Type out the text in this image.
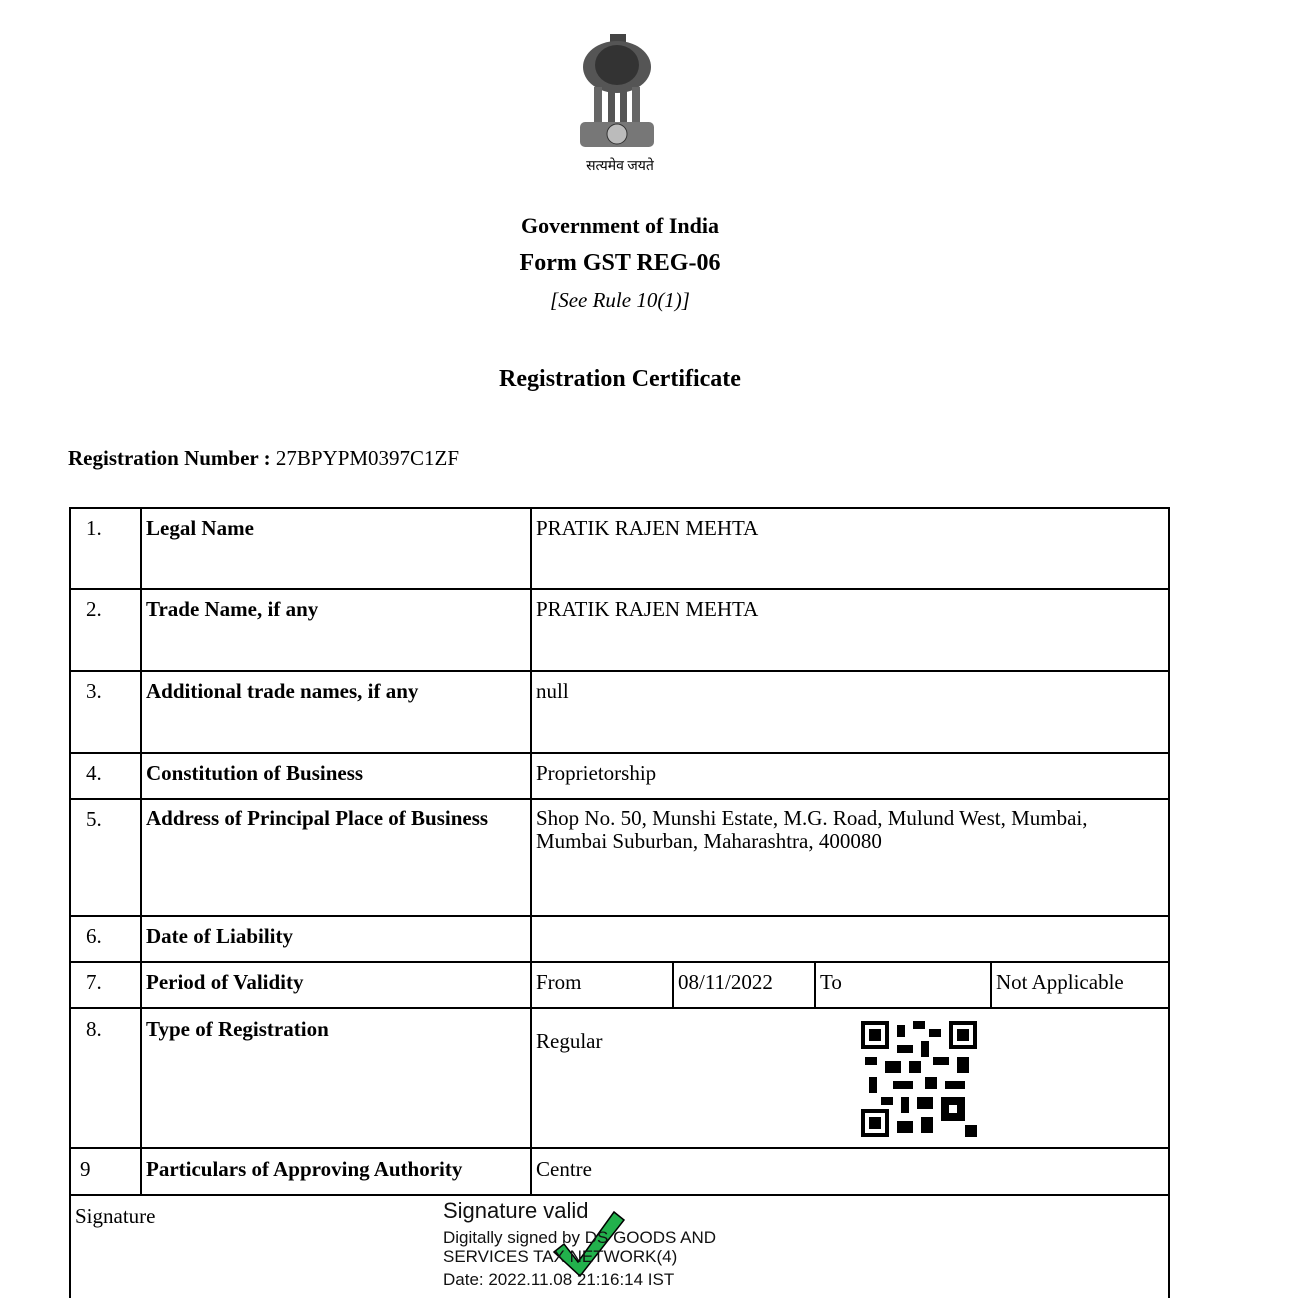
सत्यमेव जयते
Government of India
Form GST REG-06
[See Rule 10(1)]
Registration Certificate
Registration Number : 27BPYPM0397C1ZF
1. Legal Name	PRATIK RAJEN MEHTA
2. Trade Name, if any	PRATIK RAJEN MEHTA
3. Additional trade names, if any	null
4. Constitution of Business	Proprietorship
5. Address of Principal Place of Business	Shop No. 50, Munshi Estate, M.G. Road, Mulund West, Mumbai, Mumbai Suburban, Maharashtra, 400080
6. Date of Liability
7. Period of Validity	From	08/11/2022 To	Not Applicable
8. Type of Registration	Regular
9	Particulars of Approving Authority	Centre
Signature	Signature valid
Digitally signed by DS GOODS AND SERVICES TAX NETWORK(4)
Date: 2022.11.08 21:16:14 IST
